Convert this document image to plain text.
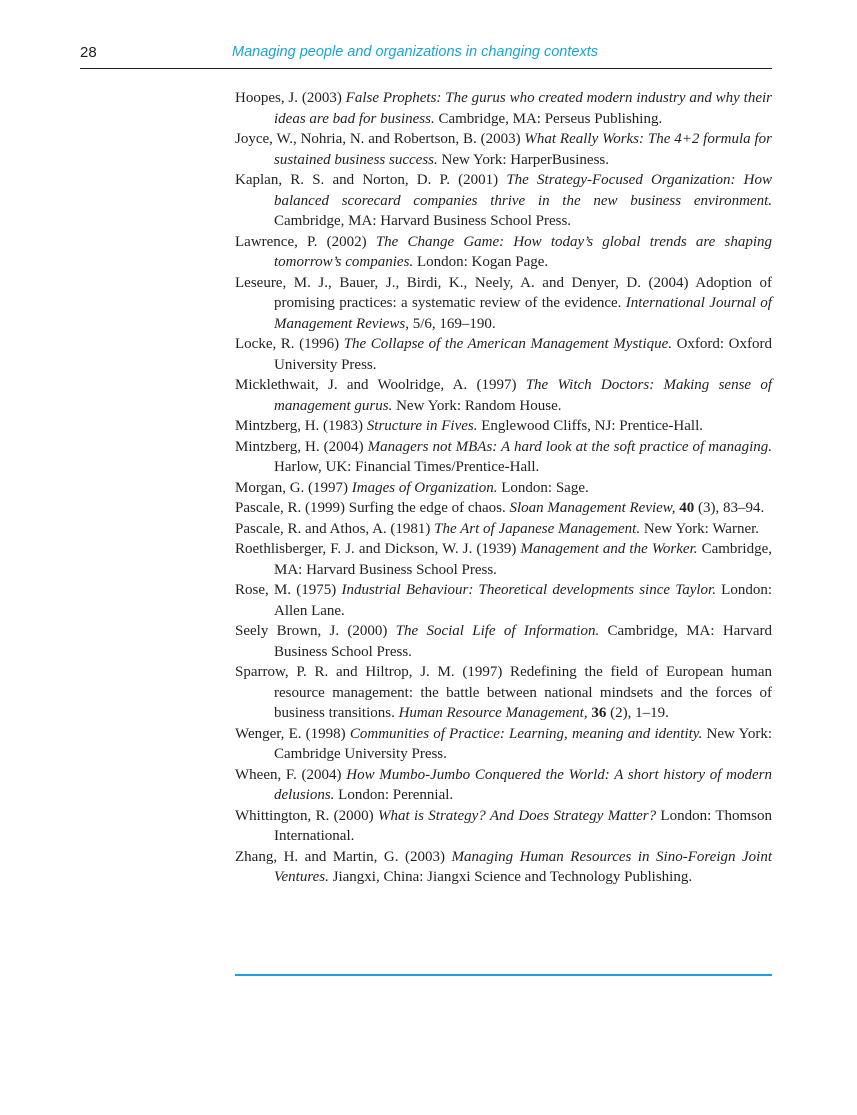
28	Managing people and organizations in changing contexts
Hoopes, J. (2003) False Prophets: The gurus who created modern industry and why their ideas are bad for business. Cambridge, MA: Perseus Publishing.
Joyce, W., Nohria, N. and Robertson, B. (2003) What Really Works: The 4+2 formula for sustained business success. New York: HarperBusiness.
Kaplan, R. S. and Norton, D. P. (2001) The Strategy-Focused Organization: How balanced scorecard companies thrive in the new business environment. Cambridge, MA: Harvard Business School Press.
Lawrence, P. (2002) The Change Game: How today’s global trends are shaping tomorrow’s companies. London: Kogan Page.
Leseure, M. J., Bauer, J., Birdi, K., Neely, A. and Denyer, D. (2004) Adoption of promising practices: a systematic review of the evidence. International Journal of Management Reviews, 5/6, 169–190.
Locke, R. (1996) The Collapse of the American Management Mystique. Oxford: Oxford University Press.
Micklethwait, J. and Woolridge, A. (1997) The Witch Doctors: Making sense of management gurus. New York: Random House.
Mintzberg, H. (1983) Structure in Fives. Englewood Cliffs, NJ: Prentice-Hall.
Mintzberg, H. (2004) Managers not MBAs: A hard look at the soft practice of managing. Harlow, UK: Financial Times/Prentice-Hall.
Morgan, G. (1997) Images of Organization. London: Sage.
Pascale, R. (1999) Surfing the edge of chaos. Sloan Management Review, 40 (3), 83–94.
Pascale, R. and Athos, A. (1981) The Art of Japanese Management. New York: Warner.
Roethlisberger, F. J. and Dickson, W. J. (1939) Management and the Worker. Cambridge, MA: Harvard Business School Press.
Rose, M. (1975) Industrial Behaviour: Theoretical developments since Taylor. London: Allen Lane.
Seely Brown, J. (2000) The Social Life of Information. Cambridge, MA: Harvard Business School Press.
Sparrow, P. R. and Hiltrop, J. M. (1997) Redefining the field of European human resource management: the battle between national mindsets and the forces of business transitions. Human Resource Management, 36 (2), 1–19.
Wenger, E. (1998) Communities of Practice: Learning, meaning and identity. New York: Cambridge University Press.
Wheen, F. (2004) How Mumbo-Jumbo Conquered the World: A short history of modern delusions. London: Perennial.
Whittington, R. (2000) What is Strategy? And Does Strategy Matter? London: Thomson International.
Zhang, H. and Martin, G. (2003) Managing Human Resources in Sino-Foreign Joint Ventures. Jiangxi, China: Jiangxi Science and Technology Publishing.
